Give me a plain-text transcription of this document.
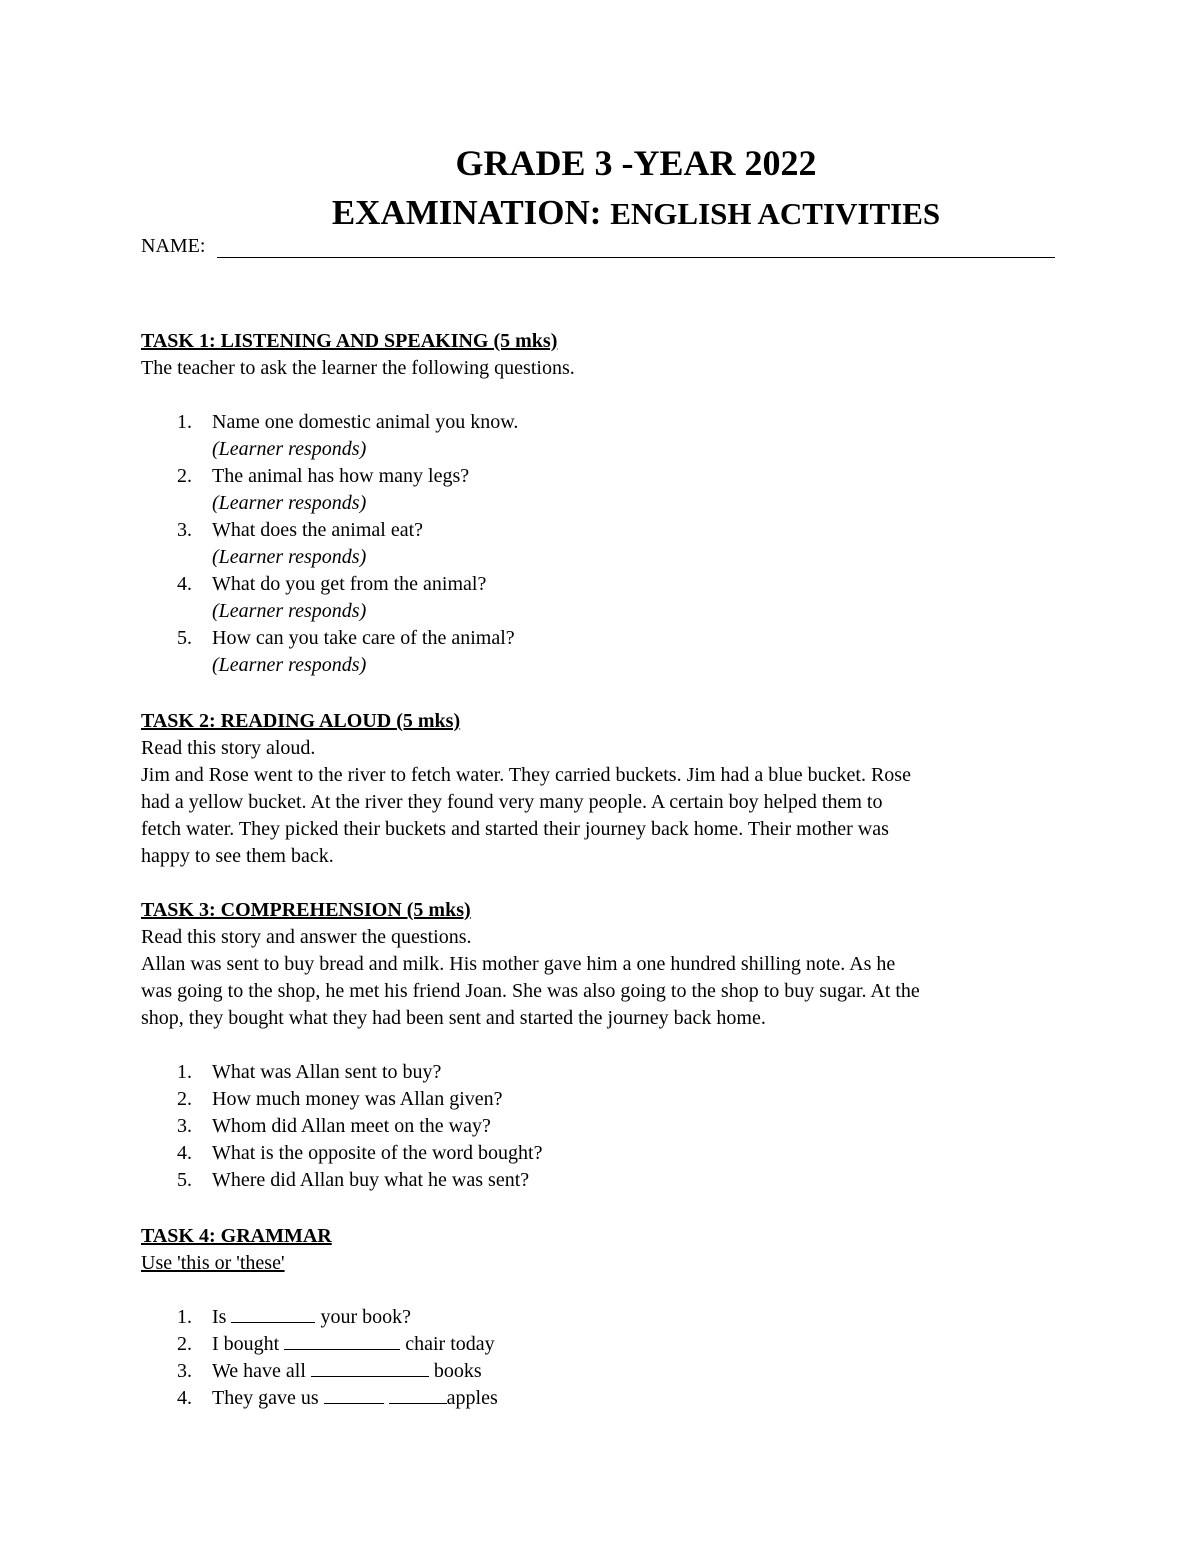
GRADE 3 -YEAR 2022
EXAMINATION: ENGLISH ACTIVITIES
NAME:
TASK 1: LISTENING AND SPEAKING (5 mks)

The teacher to ask the learner the following questions.

1. Name one domestic animal you know.
(Learner responds)
2. The animal has how many legs?
(Learner responds)
3. What does the animal eat?
(Learner responds)
4. What do you get from the animal?
(Learner responds)
5. How can you take care of the animal?
(Learner responds)
TASK 2: READING ALOUD (5 mks)

Read this story aloud.

Jim and Rose went to the river to fetch water. They carried buckets. Jim had a blue bucket. Rose

had a yellow bucket. At the river they found very many people. A certain boy helped them to

fetch water. They picked their buckets and started their journey back home. Their mother was

happy to see them back.

TASK 3: COMPREHENSION (5 mks)

Read this story and answer the questions.

Allan was sent to buy bread and milk. His mother gave him a one hundred shilling note. As he

was going to the shop, he met his friend Joan. She was also going to the shop to buy sugar. At the

shop, they bought what they had been sent and started the journey back home.

1. What was Allan sent to buy?
2. How much money was Allan given?
3. Whom did Allan meet on the way?
4. What is the opposite of the word bought?
5. Where did Allan buy what he was sent?
TASK 4: GRAMMAR

Use 'this or 'these'

1. Is	your book?
2. I bought	chair today
3. We have all	books
4. They gave us	apples
